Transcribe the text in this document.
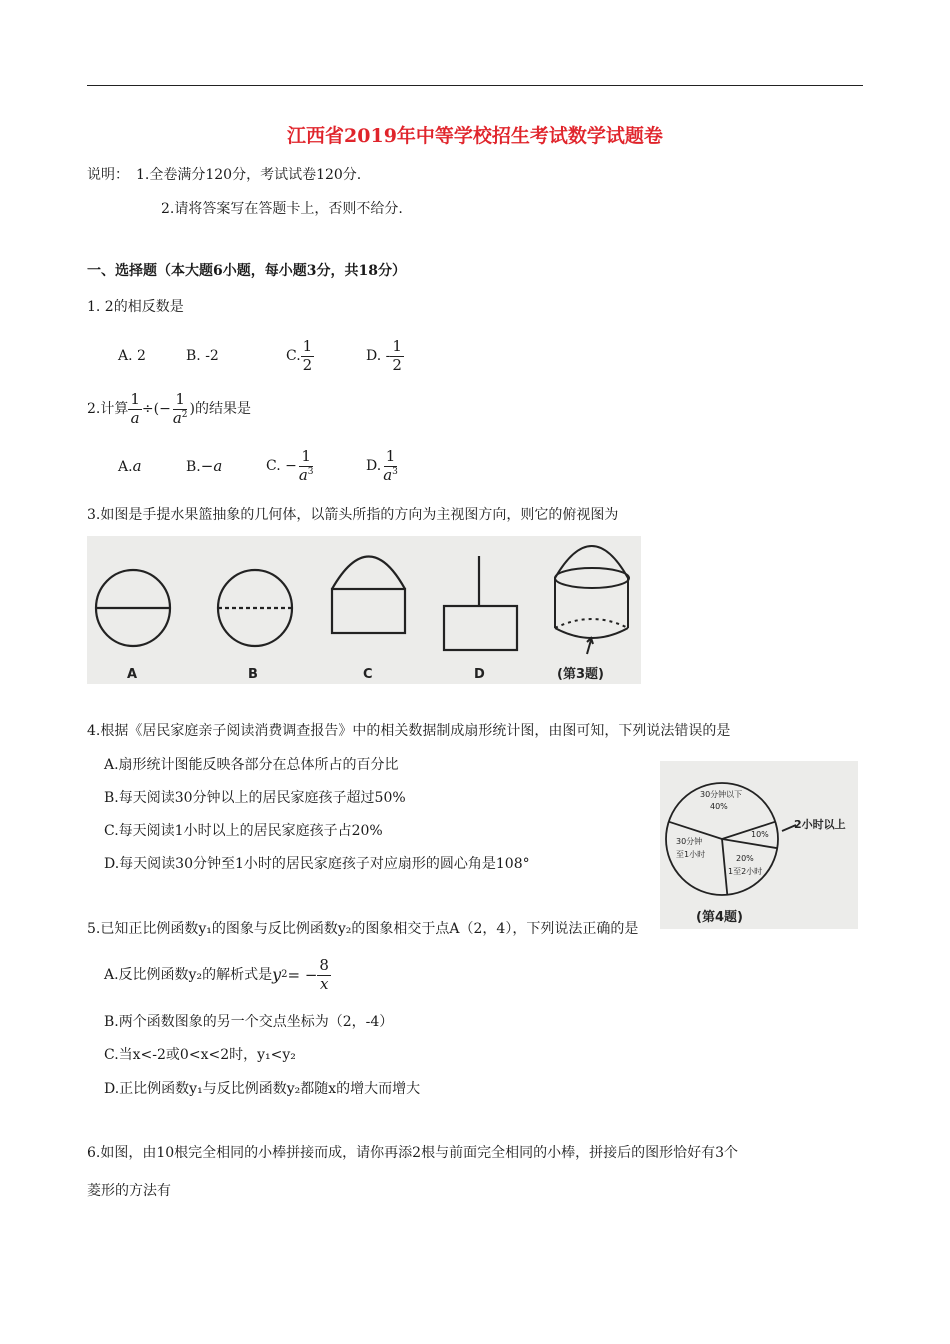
江西省2019年中等学校招生考试数学试题卷
说明： 1.全卷满分120分，考试试卷120分.
2.请将答案写在答题卡上，否则不给分.
一、选择题（本大题6小题，每小题3分，共18分）
1. 2的相反数是
A. 2	B. -2	C. $\frac{1}{2}$	D. - $\frac{1}{2}$
2.计算 $\frac{1}{a}$ ÷(− $\frac{1}{a^2}$ )的结果是
A.a	B.−a	C. − $\frac{1}{a^3}$	D. $\frac{1}{a^3}$
3.如图是手提水果篮抽象的几何体，以箭头所指的方向为主视图方向，则它的俯视图为
A	B	C	D	(第3题)
4.根据《居民家庭亲子阅读消费调查报告》中的相关数据制成扇形统计图，由图可知，下列说法错误的是
A.扇形统计图能反映各部分在总体所占的百分比
B.每天阅读30分钟以上的居民家庭孩子超过50%
C.每天阅读1小时以上的居民家庭孩子占20%
D.每天阅读30分钟至1小时的居民家庭孩子对应扇形的圆心角是108°
30分钟以下
40%
30分钟
至1小时
10%
20%
1至2小时
2小时以上
(第4题)
5.已知正比例函数y₁的图象与反比例函数y₂的图象相交于点A（2，4），下列说法正确的是
A.反比例函数y₂的解析式是 y 2 = − $\frac{8}{x}$
B.两个函数图象的另一个交点坐标为（2，-4）
C.当x<-2或0<x<2时，y₁<y₂
D.正比例函数y₁与反比例函数y₂都随x的增大而增大
6.如图，由10根完全相同的小棒拼接而成，请你再添2根与前面完全相同的小棒，拼接后的图形恰好有3个
菱形的方法有
